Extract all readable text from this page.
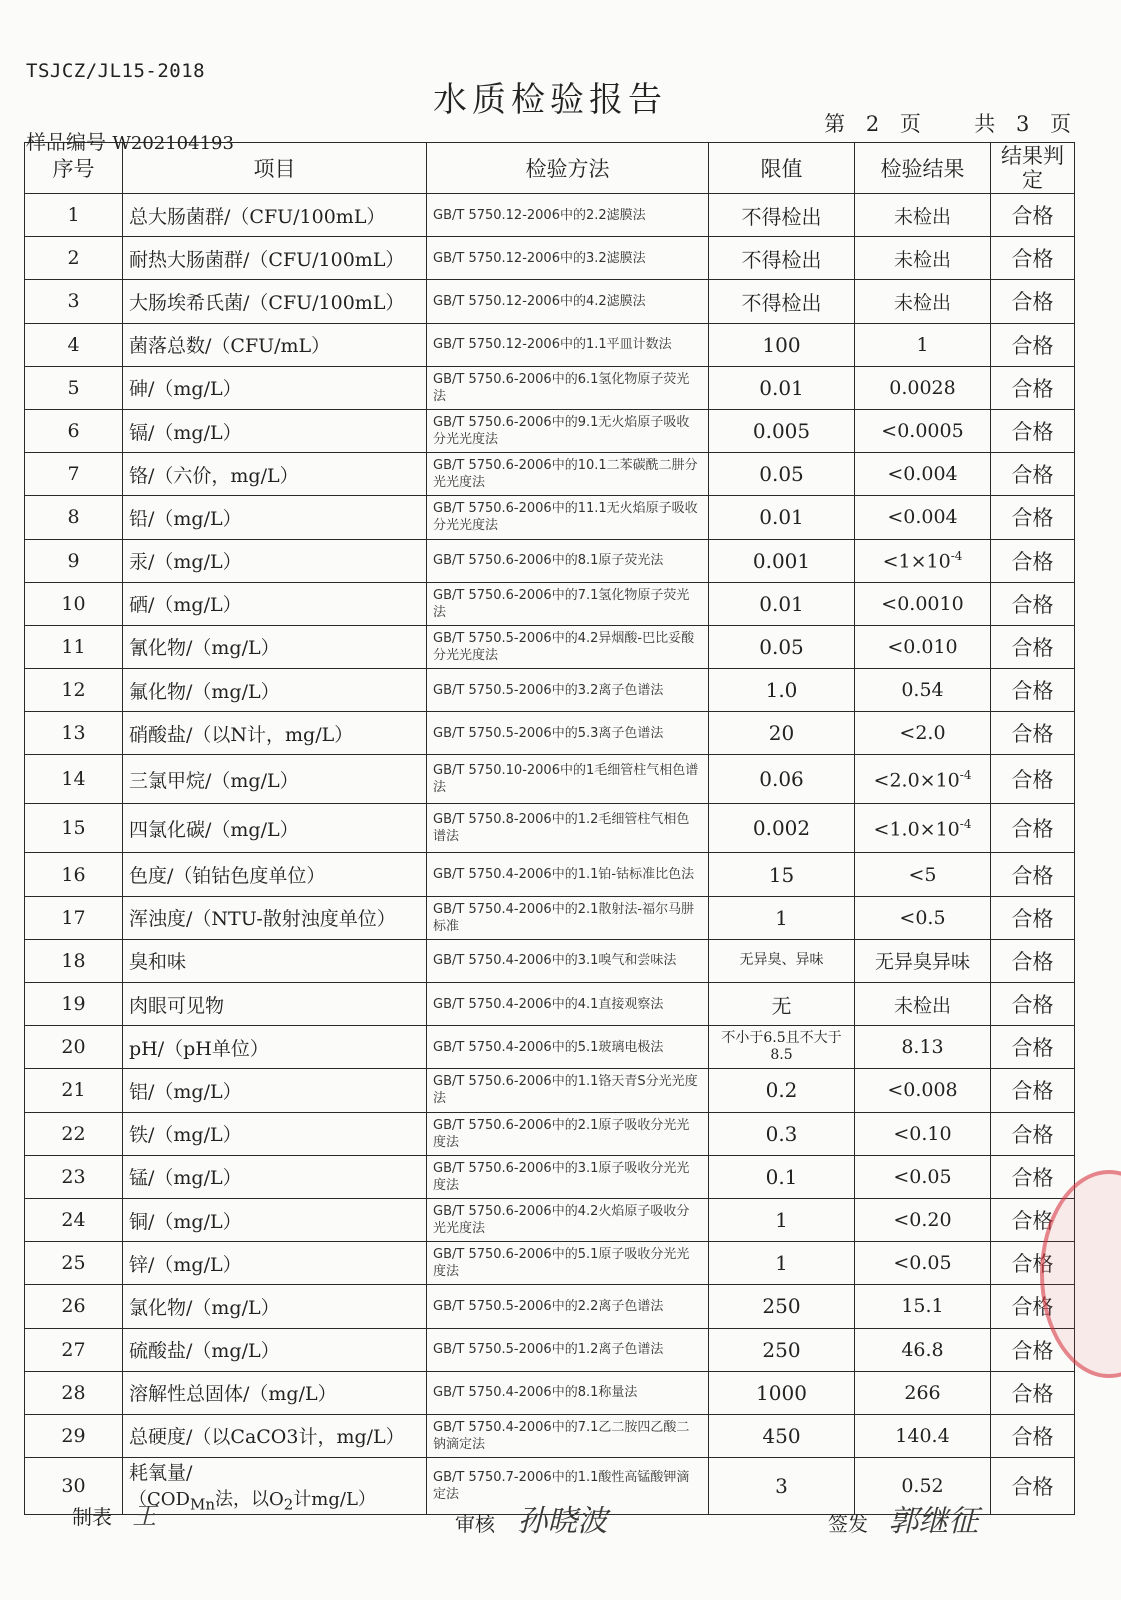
TSJCZ/JL15-2018
水质检验报告
第 2 页	共 3 页
样品编号 W202104193
序号	项目	检验方法	限值	检验结果	结果判定
1	总大肠菌群/（CFU/100mL）	GB/T 5750.12-2006中的2.2滤膜法	不得检出	未检出	合格
2	耐热大肠菌群/（CFU/100mL）	GB/T 5750.12-2006中的3.2滤膜法	不得检出	未检出	合格
3	大肠埃希氏菌/（CFU/100mL）	GB/T 5750.12-2006中的4.2滤膜法	不得检出	未检出	合格
4	菌落总数/（CFU/mL）	GB/T 5750.12-2006中的1.1平皿计数法	100	1	合格
5	砷/（mg/L）	GB/T 5750.6-2006中的6.1氢化物原子荧光法	0.01	0.0028	合格
6	镉/（mg/L）	GB/T 5750.6-2006中的9.1无火焰原子吸收分光光度法	0.005	<0.0005	合格
7	铬/（六价，mg/L）	GB/T 5750.6-2006中的10.1二苯碳酰二肼分光光度法	0.05	<0.004	合格
8	铅/（mg/L）	GB/T 5750.6-2006中的11.1无火焰原子吸收分光光度法	0.01	<0.004	合格
9	汞/（mg/L）	GB/T 5750.6-2006中的8.1原子荧光法	0.001	$<1\times 10^{-4}$	合格
10	硒/（mg/L）	GB/T 5750.6-2006中的7.1氢化物原子荧光法	0.01	<0.0010	合格
11	氰化物/（mg/L）	GB/T 5750.5-2006中的4.2异烟酸-巴比妥酸分光光度法	0.05	<0.010	合格
12	氟化物/（mg/L）	GB/T 5750.5-2006中的3.2离子色谱法	1.0	0.54	合格
13	硝酸盐/（以N计，mg/L）	GB/T 5750.5-2006中的5.3离子色谱法	20	<2.0	合格
14	三氯甲烷/（mg/L）	GB/T 5750.10-2006中的1毛细管柱气相色谱法	0.06	$<2.0\times 10^{-4}$	合格
15	四氯化碳/（mg/L）	GB/T 5750.8-2006中的1.2毛细管柱气相色谱法	0.002	$<1.0\times 10^{-4}$	合格
16	色度/（铂钴色度单位）	GB/T 5750.4-2006中的1.1铂-钴标准比色法	15	<5	合格
17	浑浊度/（NTU-散射浊度单位）	GB/T 5750.4-2006中的2.1散射法-福尔马肼标准	1	<0.5	合格
18	臭和味	GB/T 5750.4-2006中的3.1嗅气和尝味法	无异臭、异味	无异臭异味	合格
19	肉眼可见物	GB/T 5750.4-2006中的4.1直接观察法	无	未检出	合格
20	pH/（pH单位）	GB/T 5750.4-2006中的5.1玻璃电极法	不小于6.5且不大于8.5	8.13	合格
21	铝/（mg/L）	GB/T 5750.6-2006中的1.1铬天青S分光光度法	0.2	<0.008	合格
22	铁/（mg/L）	GB/T 5750.6-2006中的2.1原子吸收分光光度法	0.3	<0.10	合格
23	锰/（mg/L）	GB/T 5750.6-2006中的3.1原子吸收分光光度法	0.1	<0.05	合格
24	铜/（mg/L）	GB/T 5750.6-2006中的4.2火焰原子吸收分光光度法	1	<0.20	合格
25	锌/（mg/L）	GB/T 5750.6-2006中的5.1原子吸收分光光度法	1	<0.05	合格
26	氯化物/（mg/L）	GB/T 5750.5-2006中的2.2离子色谱法	250	15.1	合格
27	硫酸盐/（mg/L）	GB/T 5750.5-2006中的1.2离子色谱法	250	46.8	合格
28	溶解性总固体/（mg/L）	GB/T 5750.4-2006中的8.1称量法	1000	266	合格
29	总硬度/（以CaCO3计，mg/L）	GB/T 5750.4-2006中的7.1乙二胺四乙酸二钠滴定法	450	140.4	合格
30	耗氧量/
（$COD_{Mn}$法，以$O_2$计mg/L）	GB/T 5750.7-2006中的1.1酸性高锰酸钾滴定法	3	0.52	合格
制表 王	审核 孙晓波	签发 郭继征
